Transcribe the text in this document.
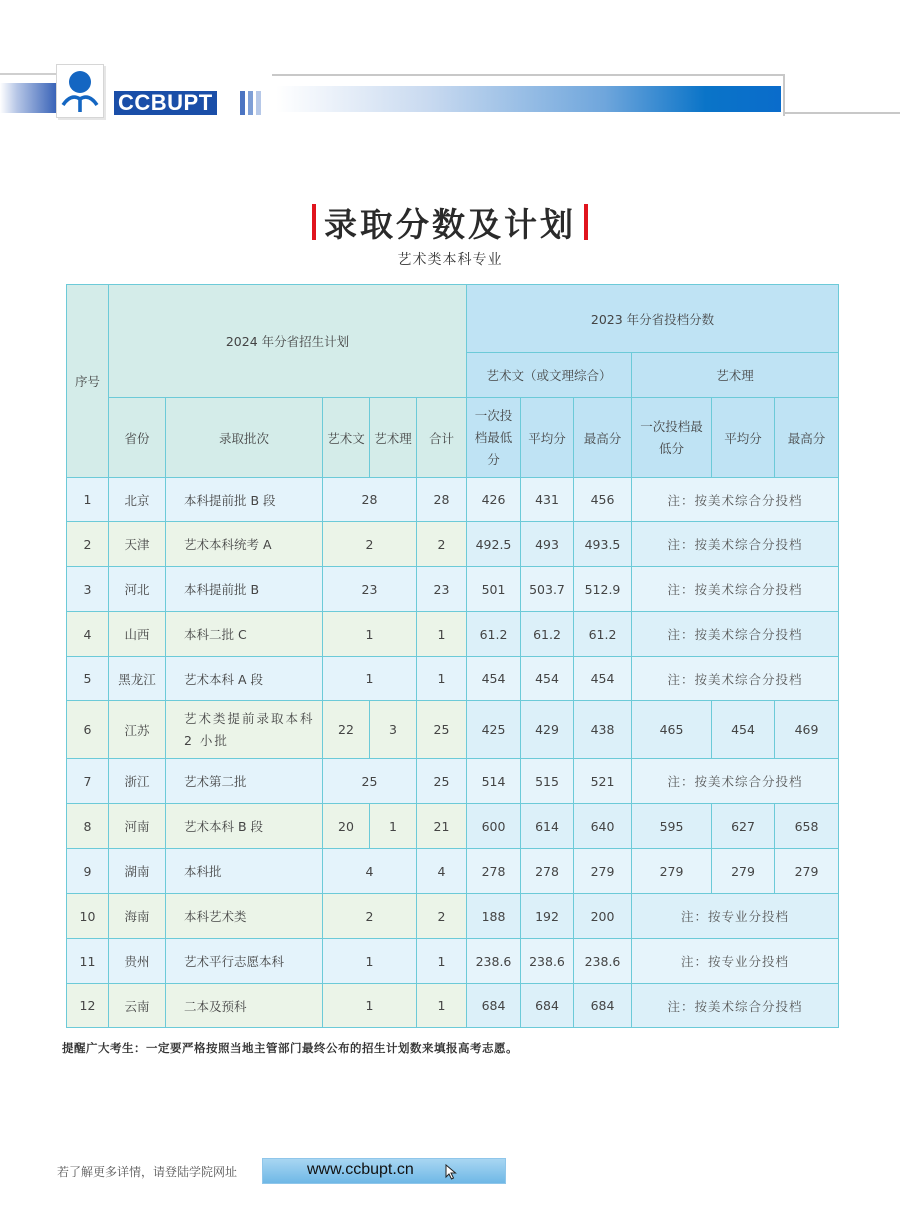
CCBUPT
录取分数及计划
艺术类本科专业
序号	2024 年分省招生计划					2023 年分省投档分数					
						艺术文（或文理综合）			艺术理		
	省份	录取批次	艺术文	艺术理	合计	一次投档最低分	平均分	最高分	一次投档最低分	平均分	最高分
1	北京	本科提前批 B 段	28		28	426	431	456	注：按美术综合分投档		
2	天津	艺术本科统考 A	2		2	492.5	493	493.5	注：按美术综合分投档		
3	河北	本科提前批 B	23		23	501	503.7	512.9	注：按美术综合分投档		
4	山西	本科二批 C	1		1	61.2	61.2	61.2	注：按美术综合分投档		
5	黑龙江	艺术本科 A 段	1		1	454	454	454	注：按美术综合分投档		
6	江苏	艺术类提前录取本科 2 小批	22	3	25	425	429	438	465	454	469
7	浙江	艺术第二批	25		25	514	515	521	注：按美术综合分投档		
8	河南	艺术本科 B 段	20	1	21	600	614	640	595	627	658
9	湖南	本科批	4		4	278	278	279	279	279	279
10	海南	本科艺术类	2		2	188	192	200	注：按专业分投档		
11	贵州	艺术平行志愿本科	1		1	238.6	238.6	238.6	注：按专业分投档		
12	云南	二本及预科	1		1	684	684	684	注：按美术综合分投档		
提醒广大考生：一定要严格按照当地主管部门最终公布的招生计划数来填报高考志愿。
若了解更多详情，请登陆学院网址	www.ccbupt.cn
